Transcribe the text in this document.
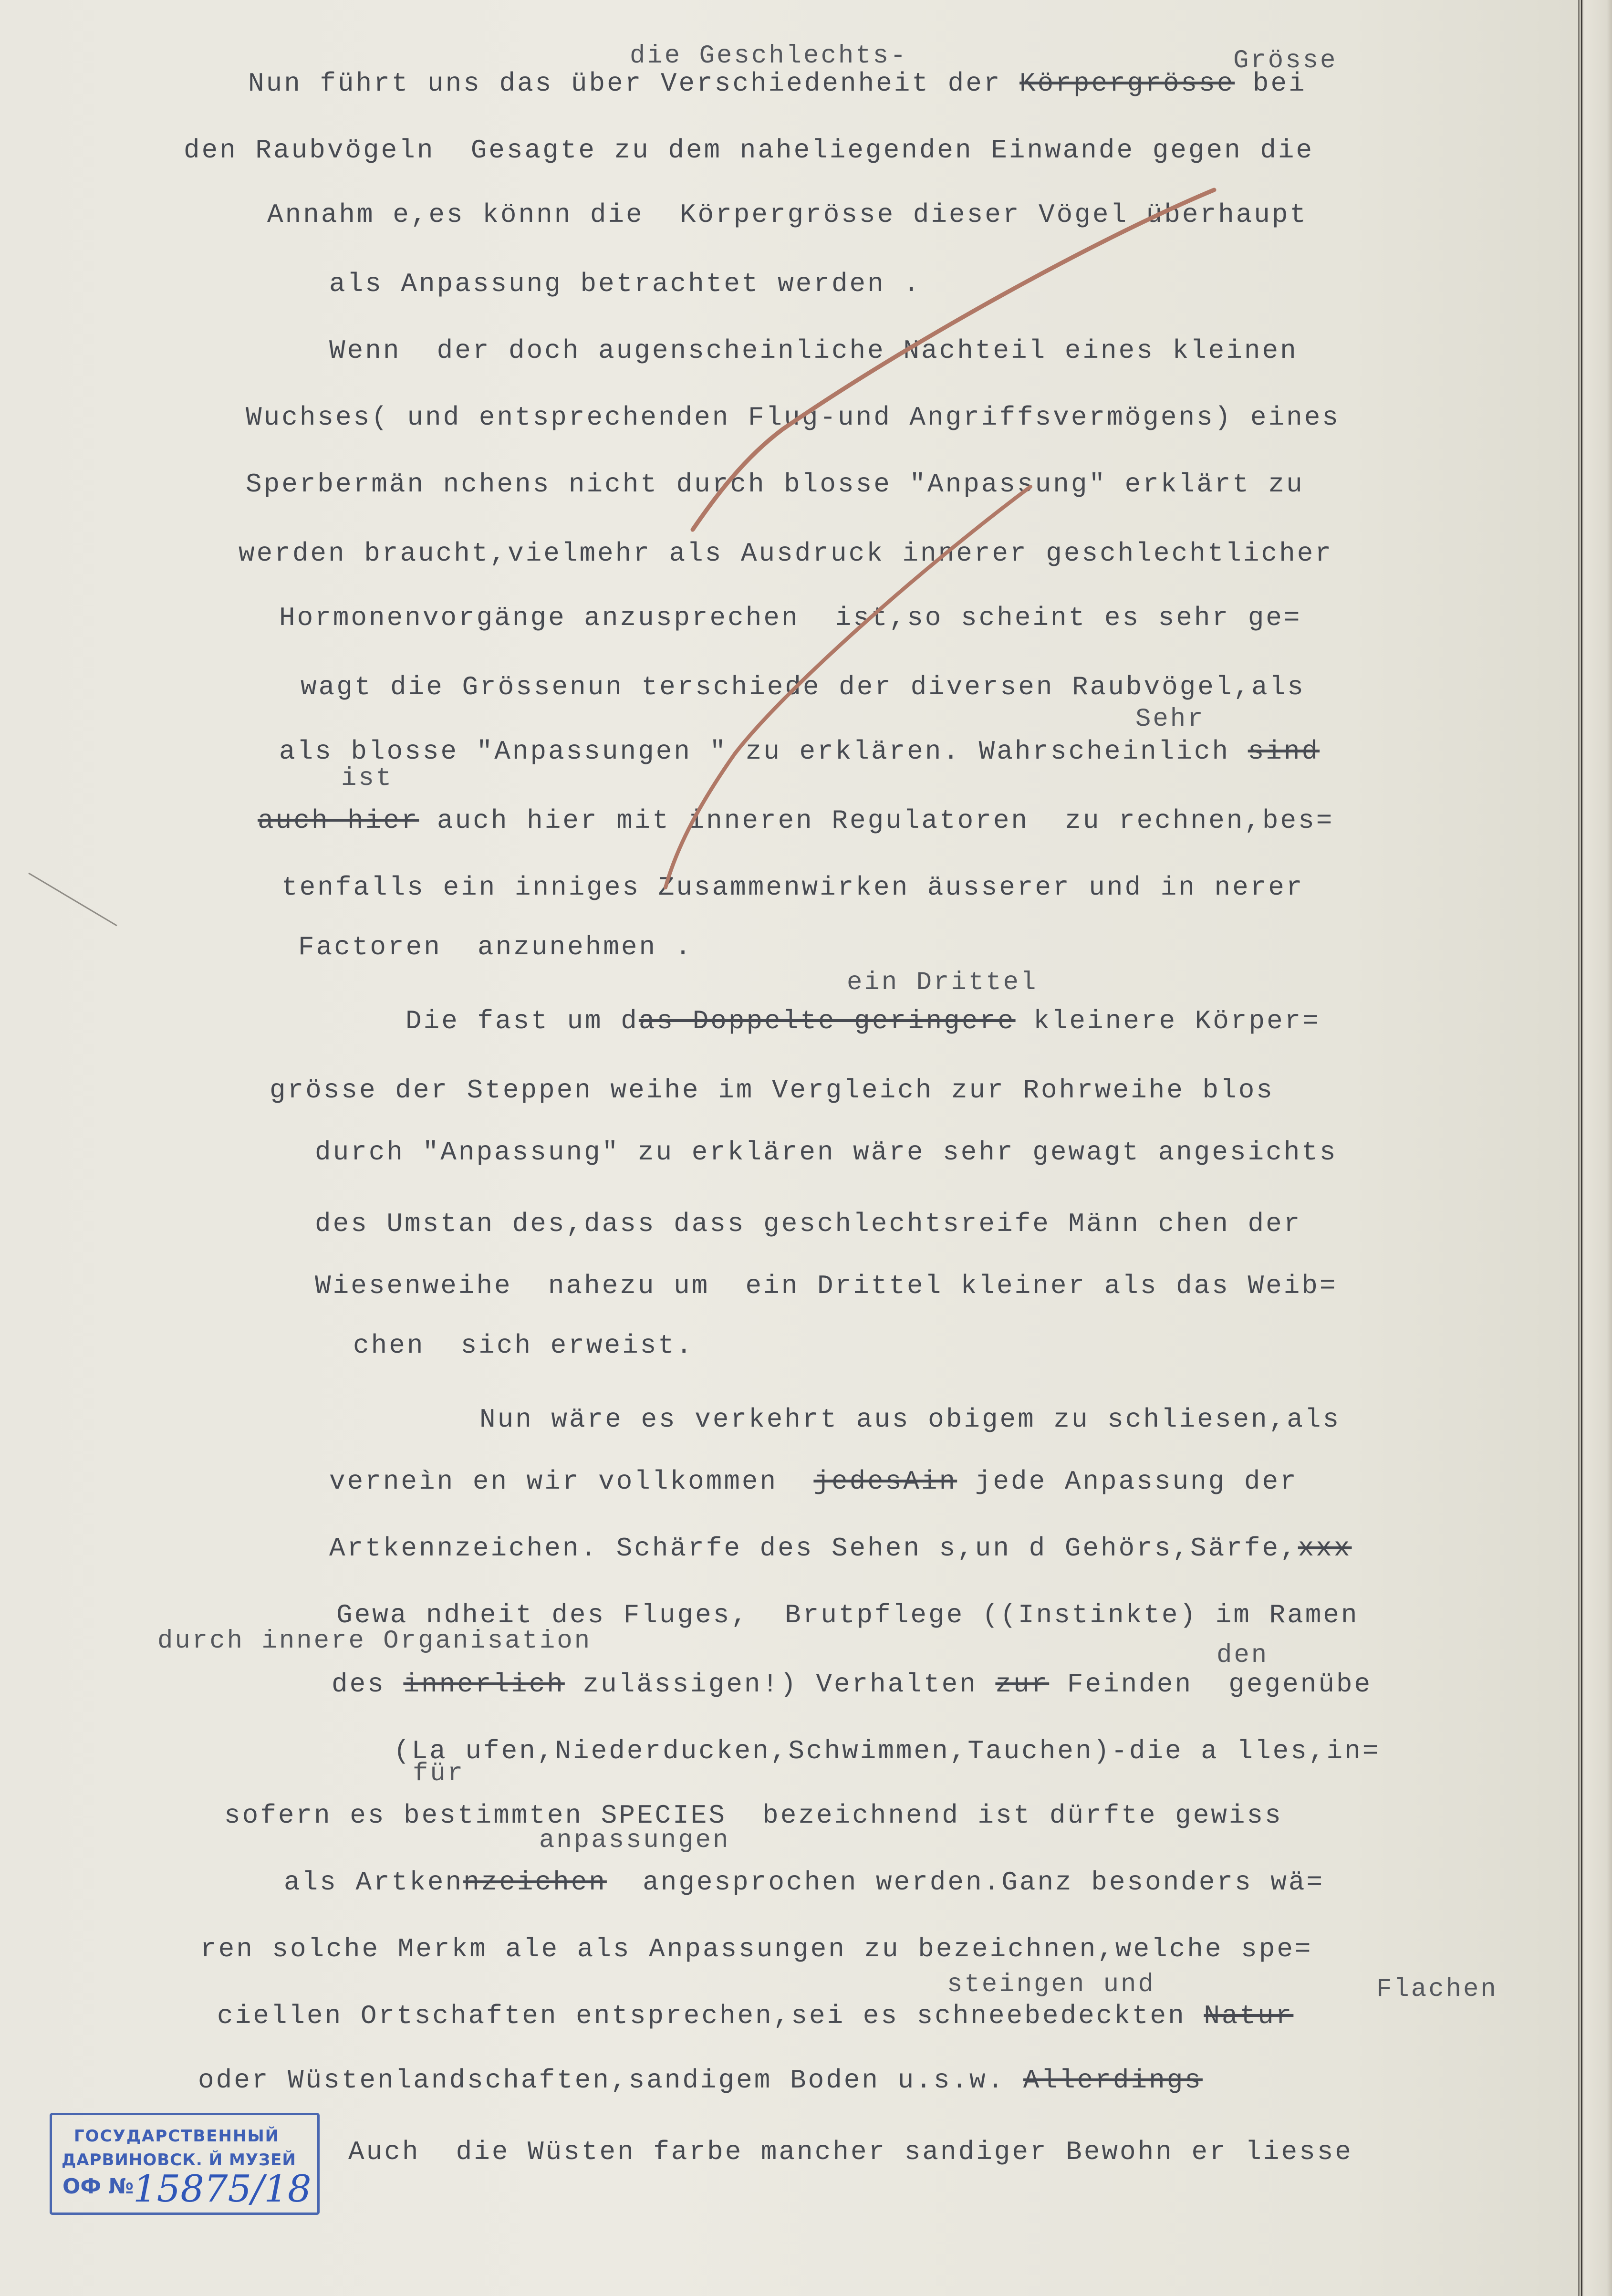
die Geschlechts-	Grösse
Nun führt uns das über Verschiedenheit der Körpergrösse bei
den Raubvögeln  Gesagte zu dem naheliegenden Einwande gegen die
Annahm e,es könnn die  Körpergrösse dieser Vögel überhaupt
als Anpassung betrachtet werden .
Wenn  der doch augenscheinliche Nachteil eines kleinen
Wuchses( und entsprechenden Flug-und Angriffsvermögens) eines
Sperbermän nchens nicht durch blosse "Anpassung" erklärt zu
werden braucht,vielmehr als Ausdruck innerer geschlechtlicher
Hormonenvorgänge anzusprechen  ist,so scheint es sehr ge=
wagt die Grössenun terschiede der diversen Raubvögel,als
Sehr
als blosse "Anpassungen " zu erklären. Wahrscheinlich sind
ist
auch hier auch hier mit inneren Regulatoren  zu rechnen,bes=
tenfalls ein inniges Zusammenwirken äusserer und in nerer
Factoren  anzunehmen .
ein Drittel
Die fast um das Doppelte geringere kleinere Körper=
grösse der Steppen weihe im Vergleich zur Rohrweihe blos
durch "Anpassung" zu erklären wäre sehr gewagt angesichts
des Umstan des,dass dass geschlechtsreife Männ chen der
Wiesenweihe  nahezu um  ein Drittel kleiner als das Weib=
chen  sich erweist.
Nun wäre es verkehrt aus obigem zu schliesen,als
verneìn en wir vollkommen  jedesAin jede Anpassung der
Artkennzeichen. Schärfe des Sehen s,un d Gehörs,Särfe,xxx
Gewa ndheit des Fluges,  Brutpflege ((Instinkte) im Ramen
durch innere Organisation	den
des innerlich zulässigen!) Verhalten zur Feinden  gegenübe
(La ufen,Niederducken,Schwimmen,Tauchen)-die a lles,in=
für
sofern es bestimmten SPECIES  bezeichnend ist dürfte gewiss
anpassungen
als Artkennzeichen  angesprochen werden.Ganz besonders wä=
ren solche Merkm ale als Anpassungen zu bezeichnen,welche spe=
steingen und	Flachen
ciellen Ortschaften entsprechen,sei es schneebedeckten Natur
oder Wüstenlandschaften,sandigem Boden u.s.w. Allerdings
Auch  die Wüsten farbe mancher sandiger Bewohn er liesse
ГОСУДАРСТВЕННЫЙ
ДАРВИНОВСК. Й МУЗЕЙ
ОФ №
15875/18
